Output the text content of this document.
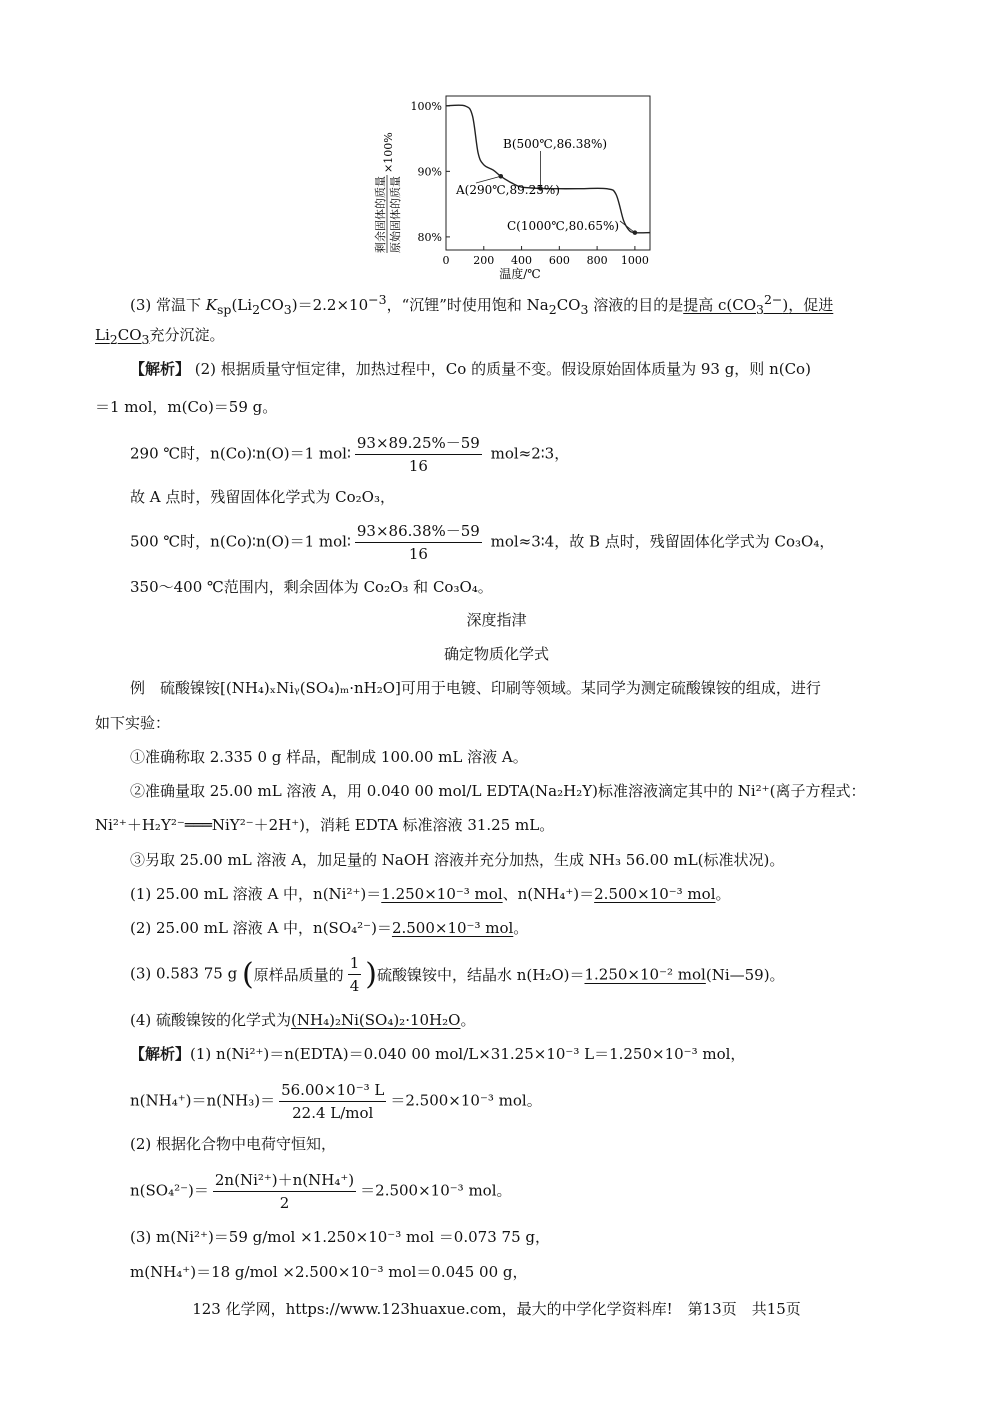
100%
90%
80%
0 200 400 600 800 1000
剩余固体的质量 原始固体的质量
×100%
温度/℃
B(500℃,86.38%)
A(290℃,89.25%)
C(1000℃,80.65%)
(3) 常温下 $K_{sp}(Li_2CO_3)=2.2\times 10^{-3}$，“沉锂”时使用饱和 $Na_2CO_3$ 溶液的目的是提高 $c(CO_3^{2-})$，促进
$Li_2CO_3$充分沉淀。
【解析】 (2) 根据质量守恒定律，加热过程中，Co 的质量不变。假设原始固体质量为 93 g，则 n(Co)
＝1 mol，m(Co)＝59 g。
290 ℃时，n(Co)∶n(O)＝1 mol∶ $\frac{93\times 89.25\%-59}{16}$ mol≈2∶3，
故 A 点时，残留固体化学式为 Co₂O₃，
500 ℃时，n(Co)∶n(O)＝1 mol∶ $\frac{93\times 86.38\%-59}{16}$ mol≈3∶4，故 B 点时，残留固体化学式为 Co₃O₄，
350～400 ℃范围内，剩余固体为 Co₂O₃ 和 Co₃O₄。
深度指津
确定物质化学式
例　硫酸镍铵[(NH₄)ₓNiᵧ(SO₄)ₘ·nH₂O]可用于电镀、印刷等领域。某同学为测定硫酸镍铵的组成，进行
如下实验：
①准确称取 2.335 0 g 样品，配制成 100.00 mL 溶液 A。
②准确量取 25.00 mL 溶液 A，用 0.040 00 mol/L EDTA(Na₂H₂Y)标准溶液滴定其中的 Ni²⁺(离子方程式：
Ni²⁺＋H₂Y²⁻═══NiY²⁻＋2H⁺)，消耗 EDTA 标准溶液 31.25 mL。
③另取 25.00 mL 溶液 A，加足量的 NaOH 溶液并充分加热，生成 NH₃ 56.00 mL(标准状况)。
(1) 25.00 mL 溶液 A 中，n(Ni²⁺)＝1.250×10⁻³ mol、n(NH₄⁺)＝2.500×10⁻³ mol。
(2) 25.00 mL 溶液 A 中，n(SO₄²⁻)＝2.500×10⁻³ mol。
(3) 0.583 75 g (原样品质量的 $\frac{1}{4}$ )硫酸镍铵中，结晶水 n(H₂O)＝1.250×10⁻² mol(Ni—59)。
(4) 硫酸镍铵的化学式为(NH₄)₂Ni(SO₄)₂·10H₂O。
【解析】(1) n(Ni²⁺)＝n(EDTA)＝0.040 00 mol/L×31.25×10⁻³ L＝1.250×10⁻³ mol，
$n(NH_4^+)=n(NH_3)= \frac{\text{56.00×10⁻³ L}}{\text{22.4 L/mol}} =2.500\times 10^{-3}$ mol。
(2) 根据化合物中电荷守恒知，
$n(SO_4^{2-})= \frac{\text{2n(Ni²⁺)＋n(NH₄⁺)}}{2} =2.500\times 10^{-3}$ mol。
(3) m(Ni²⁺)＝59 g/mol ×1.250×10⁻³ mol ＝0.073 75 g，
m(NH₄⁺)＝18 g/mol ×2.500×10⁻³ mol＝0.045 00 g，
123 化学网，https://www.123huaxue.com，最大的中学化学资料库!　第13页　共15页
